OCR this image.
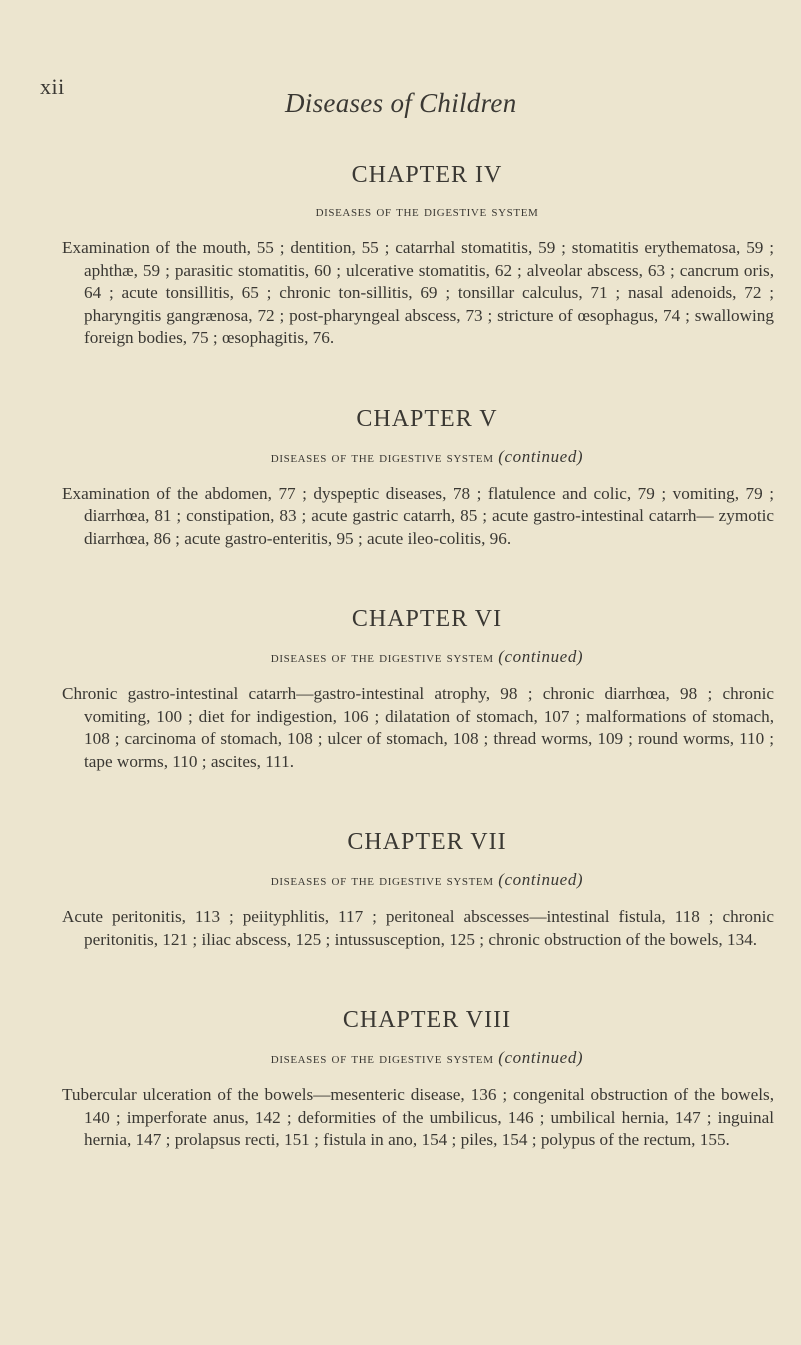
xii
Diseases of Children
CHAPTER IV
diseases of the digestive system

Examination of the mouth, 55 ; dentition, 55 ; catarrhal stomatitis, 59 ; stomatitis erythematosa, 59 ; aphthæ, 59 ; parasitic stomatitis, 60 ; ulcerative stomatitis, 62 ; alveolar abscess, 63 ; cancrum oris, 64 ; acute tonsillitis, 65 ; chronic ton-sillitis, 69 ; tonsillar calculus, 71 ; nasal adenoids, 72 ; pharyngitis gangrænosa, 72 ; post-pharyngeal abscess, 73 ; stricture of œsophagus, 74 ; swallowing foreign bodies, 75 ; œsophagitis, 76.

CHAPTER V
diseases of the digestive system (continued)

Examination of the abdomen, 77 ; dyspeptic diseases, 78 ; flatulence and colic, 79 ; vomiting, 79 ; diarrhœa, 81 ; constipation, 83 ; acute gastric catarrh, 85 ; acute gastro-intestinal catarrh— zymotic diarrhœa, 86 ; acute gastro-enteritis, 95 ; acute ileo-colitis, 96.

CHAPTER VI
diseases of the digestive system (continued)

Chronic gastro-intestinal catarrh—gastro-intestinal atrophy, 98 ; chronic diarrhœa, 98 ; chronic vomiting, 100 ; diet for indigestion, 106 ; dilatation of stomach, 107 ; malformations of stomach, 108 ; carcinoma of stomach, 108 ; ulcer of stomach, 108 ; thread worms, 109 ; round worms, 110 ; tape worms, 110 ; ascites, 111.

CHAPTER VII
diseases of the digestive system (continued)

Acute peritonitis, 113 ; peiityphlitis, 117 ; peritoneal abscesses—intestinal fistula, 118 ; chronic peritonitis, 121 ; iliac abscess, 125 ; intussusception, 125 ; chronic obstruction of the bowels, 134.

CHAPTER VIII
diseases of the digestive system (continued)

Tubercular ulceration of the bowels—mesenteric disease, 136 ; congenital obstruction of the bowels, 140 ; imperforate anus, 142 ; deformities of the umbilicus, 146 ; umbilical hernia, 147 ; inguinal hernia, 147 ; prolapsus recti, 151 ; fistula in ano, 154 ; piles, 154 ; polypus of the rectum, 155.
